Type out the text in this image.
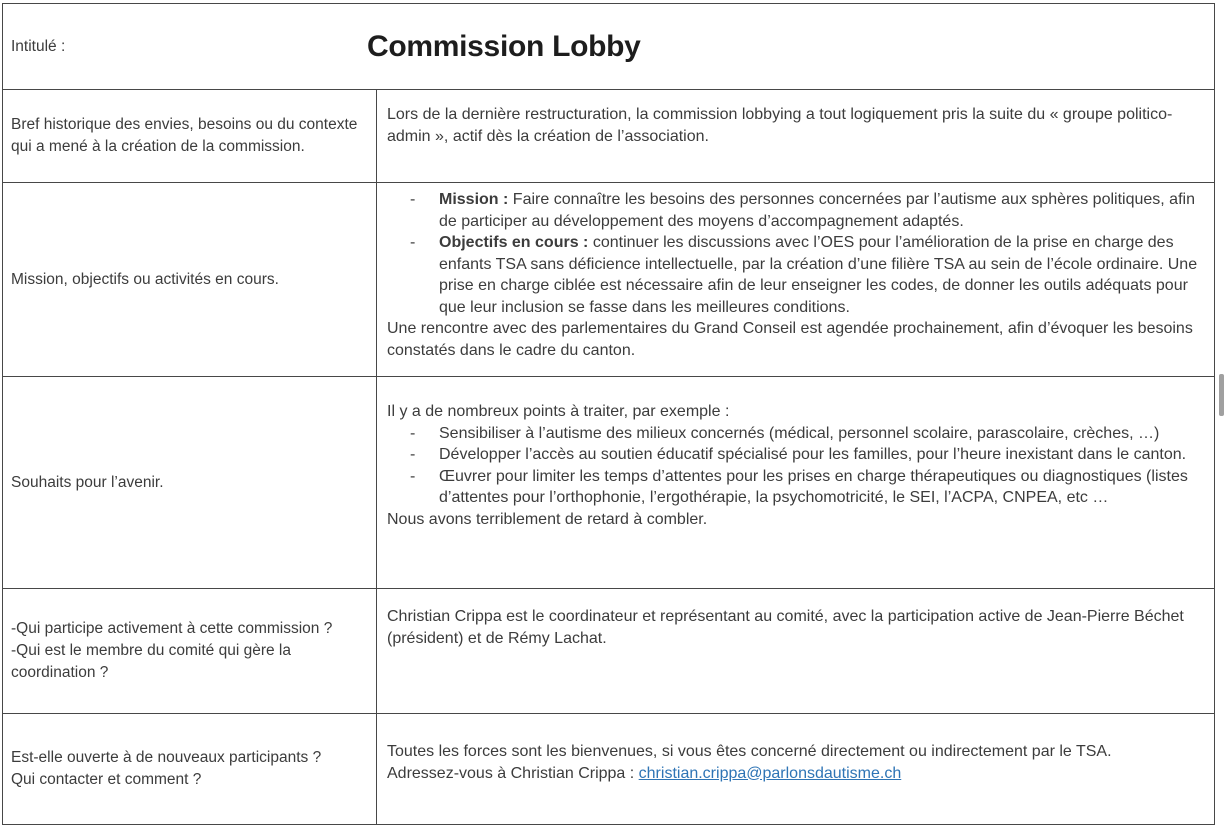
Intitulé :	Commission Lobby
Bref historique des envies, besoins ou du contexte qui a mené à la création de la commission.

Lors de la dernière restructuration, la commission lobbying a tout logiquement pris la suite du « groupe politico-admin », actif dès la création de l’association.

Mission, objectifs ou activités en cours.
- Mission : Faire connaître les besoins des personnes concernées par l’autisme aux sphères politiques, afin de participer au développement des moyens d’accompagnement adaptés.
- Objectifs en cours : continuer les discussions avec l’OES pour l’amélioration de la prise en charge des enfants TSA sans déficience intellectuelle, par la création d’une filière TSA au sein de l’école ordinaire. Une prise en charge ciblée est nécessaire afin de leur enseigner les codes, de donner les outils adéquats pour que leur inclusion se fasse dans les meilleures conditions.

Une rencontre avec des parlementaires du Grand Conseil est agendée prochainement, afin d’évoquer les besoins constatés dans le cadre du canton.

Souhaits pour l’avenir.

Il y a de nombreux points à traiter, par exemple :

- Sensibiliser à l’autisme des milieux concernés (médical, personnel scolaire, parascolaire, crèches, …)
- Développer l’accès au soutien éducatif spécialisé pour les familles, pour l’heure inexistant dans le canton.
- Œuvrer pour limiter les temps d’attentes pour les prises en charge thérapeutiques ou diagnostiques (listes d’attentes pour l’orthophonie, l’ergothérapie, la psychomotricité, le SEI, l’ACPA, CNPEA, etc …

Nous avons terriblement de retard à combler.

-Qui participe activement à cette commission ?
-Qui est le membre du comité qui gère la coordination ?

Christian Crippa est le coordinateur et représentant au comité, avec la participation active de Jean-Pierre Béchet (président) et de Rémy Lachat.

Est-elle ouverte à de nouveaux participants ?
Qui contacter et comment ?

Toutes les forces sont les bienvenues, si vous êtes concerné directement ou indirectement par le TSA.

Adressez-vous à Christian Crippa : christian.crippa@parlonsdautisme.ch
